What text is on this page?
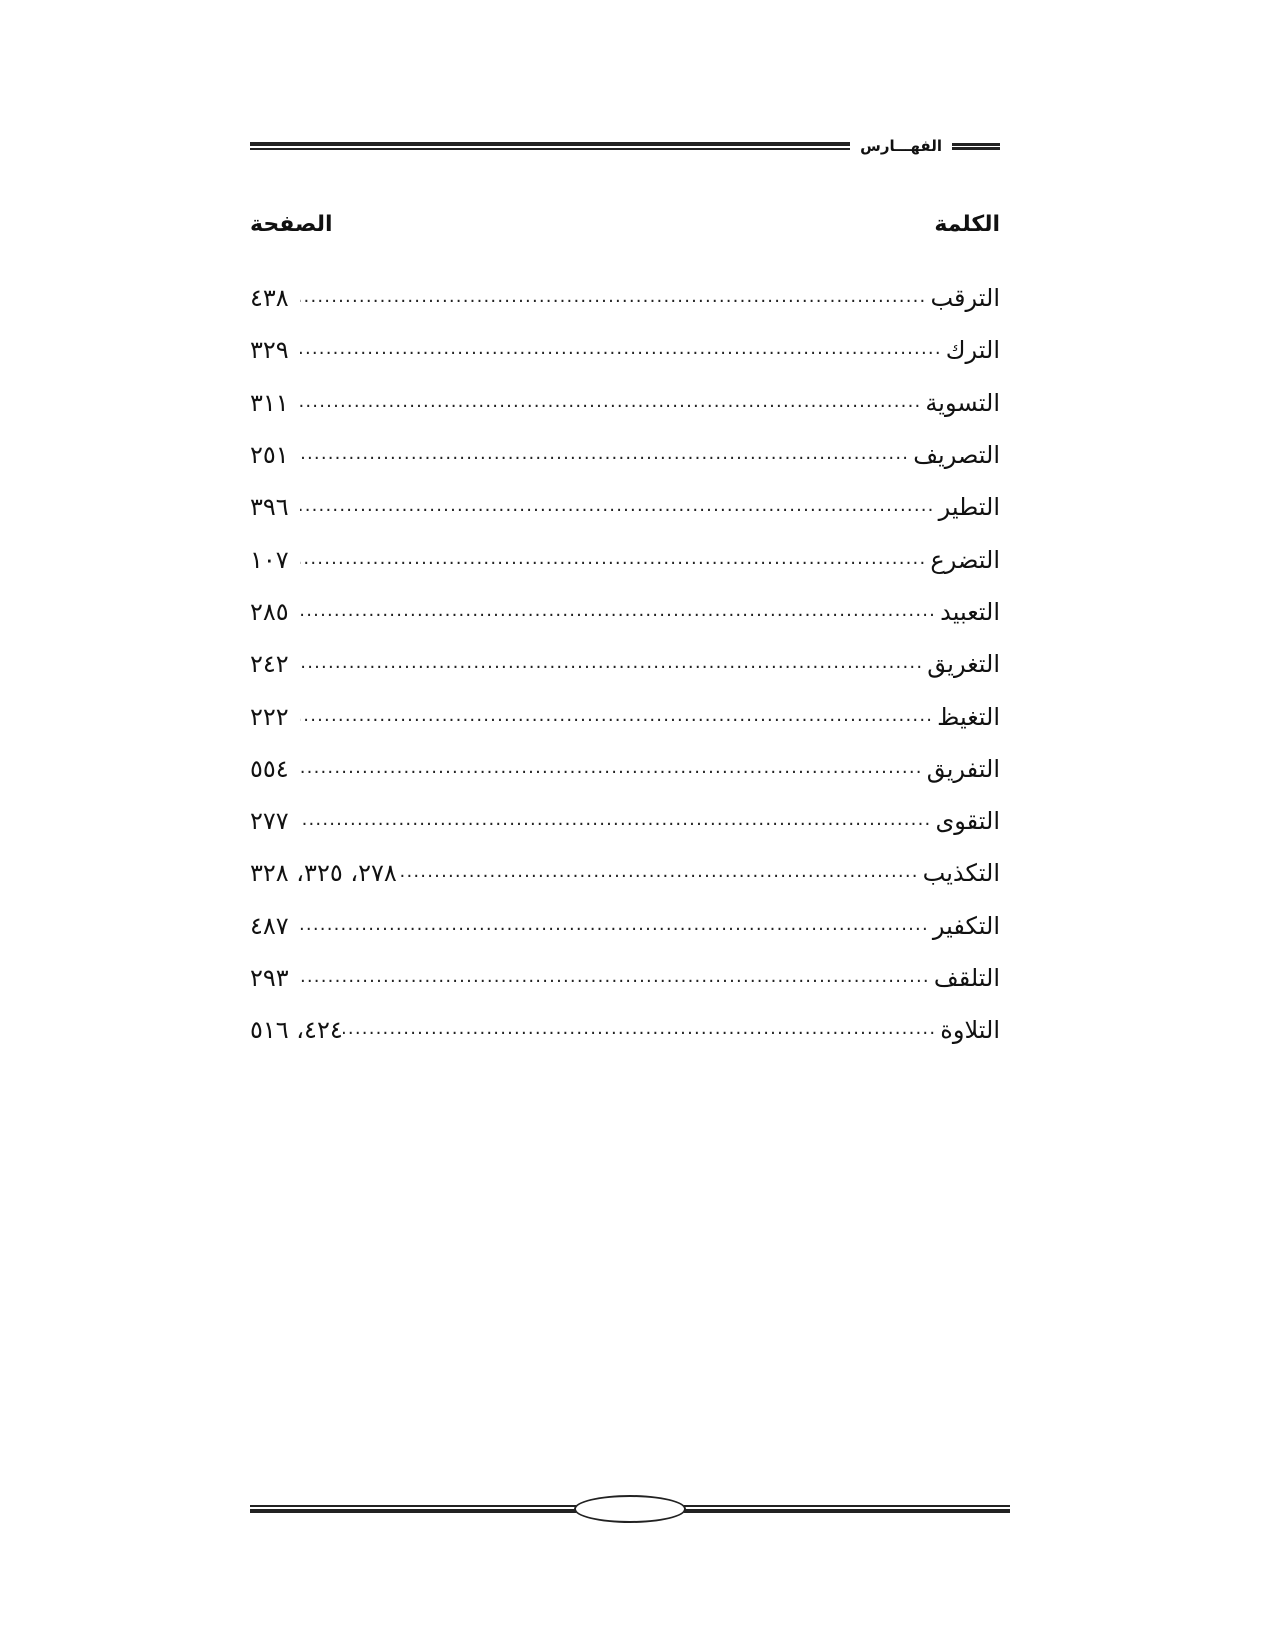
الفهـــارس
الكلمة
الصفحة
الترقب
.....
٤٣٨
الترك
.....
٣٢٩
التسوية
.....
٣١١
التصريف
.....
٢٥١
التطير
.....
٣٩٦
التضرع
.....
١٠٧
التعبيد
.....
٢٨٥
التغريق
.....
٢٤٢
التغيظ
.....
٢٢٢
التفريق
.....
٥٥٤
التقوى
.....
٢٧٧
التكذيب
.....
٢٧٨، ٣٢٥، ٣٢٨
التكفير
.....
٤٨٧
التلقف
.....
٢٩٣
التلاوة
.....
٤٢٤، ٥١٦
